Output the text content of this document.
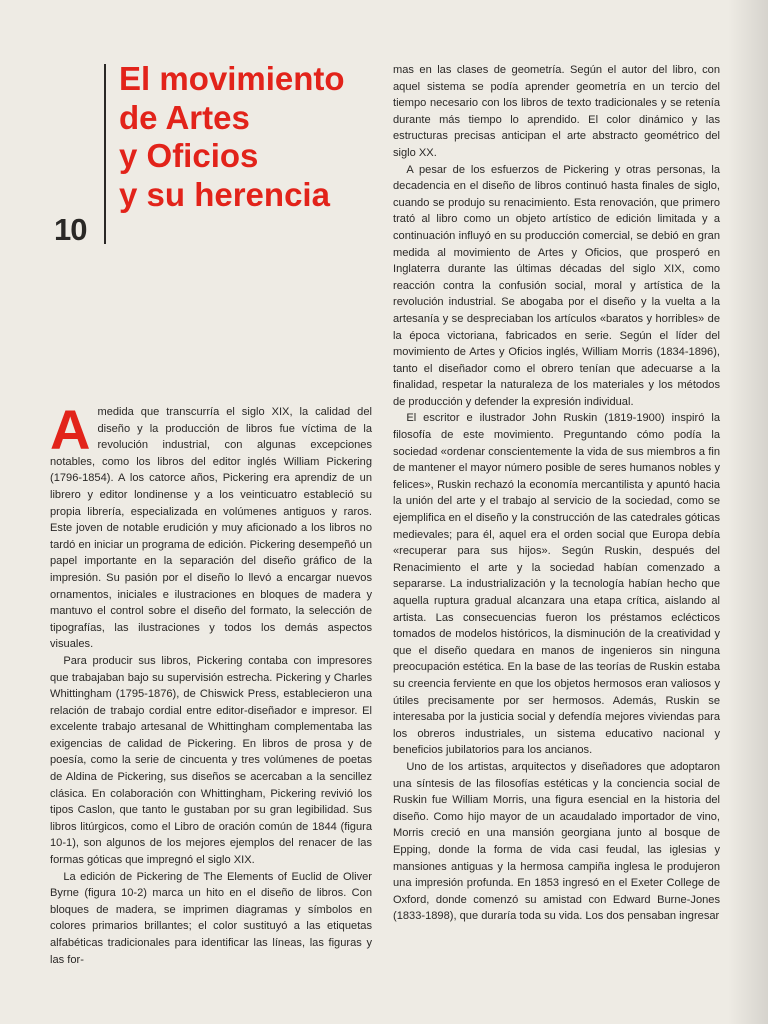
El movimiento
de Artes
y Oficios
y su herencia
10

Amedida que transcurría el siglo XIX, la calidad del diseño y la producción de libros fue víctima de la revolución industrial, con algunas excepciones notables, como los libros del editor inglés William Pickering (1796-1854). A los catorce años, Pickering era aprendiz de un librero y editor londinense y a los veinticuatro estableció su propia librería, especializada en volúmenes antiguos y raros. Este joven de notable erudición y muy aficionado a los libros no tardó en iniciar un programa de edición. Pickering desempeñó un papel importante en la separación del diseño gráfico de la impresión. Su pasión por el diseño lo llevó a encargar nuevos ornamentos, iniciales e ilustraciones en bloques de madera y mantuvo el control sobre el diseño del formato, la selección de tipografías, las ilustraciones y todos los demás aspectos visuales.

Para producir sus libros, Pickering contaba con impresores que trabajaban bajo su supervisión estrecha. Pickering y Charles Whittingham (1795-1876), de Chiswick Press, establecieron una relación de trabajo cordial entre editor-diseñador e impresor. El excelente trabajo artesanal de Whittingham complementaba las exigencias de calidad de Pickering. En libros de prosa y de poesía, como la serie de cincuenta y tres volúmenes de poetas de Aldina de Pickering, sus diseños se acercaban a la sencillez clásica. En colaboración con Whittingham, Pickering revivió los tipos Caslon, que tanto le gustaban por su gran legibilidad. Sus libros litúrgicos, como el Libro de oración común de 1844 (figura 10-1), son algunos de los mejores ejemplos del renacer de las formas góticas que impregnó el siglo XIX.

La edición de Pickering de The Elements of Euclid de Oliver Byrne (figura 10-2) marca un hito en el diseño de libros. Con bloques de madera, se imprimen diagramas y símbolos en colores primarios brillantes; el color sustituyó a las etiquetas alfabéticas tradicionales para identificar las líneas, las figuras y las for-

mas en las clases de geometría. Según el autor del libro, con aquel sistema se podía aprender geometría en un tercio del tiempo necesario con los libros de texto tradicionales y se retenía durante más tiempo lo aprendido. El color dinámico y las estructuras precisas anticipan el arte abstracto geométrico del siglo XX.

A pesar de los esfuerzos de Pickering y otras personas, la decadencia en el diseño de libros continuó hasta finales de siglo, cuando se produjo su renacimiento. Esta renovación, que primero trató al libro como un objeto artístico de edición limitada y a continuación influyó en su producción comercial, se debió en gran medida al movimiento de Artes y Oficios, que prosperó en Inglaterra durante las últimas décadas del siglo XIX, como reacción contra la confusión social, moral y artística de la revolución industrial. Se abogaba por el diseño y la vuelta a la artesanía y se despreciaban los artículos «baratos y horribles» de la época victoriana, fabricados en serie. Según el líder del movimiento de Artes y Oficios inglés, William Morris (1834-1896), tanto el diseñador como el obrero tenían que adecuarse a la finalidad, respetar la naturaleza de los materiales y los métodos de producción y defender la expresión individual.

El escritor e ilustrador John Ruskin (1819-1900) inspiró la filosofía de este movimiento. Preguntando cómo podía la sociedad «ordenar conscientemente la vida de sus miembros a fin de mantener el mayor número posible de seres humanos nobles y felices», Ruskin rechazó la economía mercantilista y apuntó hacia la unión del arte y el trabajo al servicio de la sociedad, como se ejemplifica en el diseño y la construcción de las catedrales góticas medievales; para él, aquel era el orden social que Europa debía «recuperar para sus hijos». Según Ruskin, después del Renacimiento el arte y la sociedad habían comenzado a separarse. La industrialización y la tecnología habían hecho que aquella ruptura gradual alcanzara una etapa crítica, aislando al artista. Las consecuencias fueron los préstamos eclécticos tomados de modelos históricos, la disminución de la creatividad y que el diseño quedara en manos de ingenieros sin ninguna preocupación estética. En la base de las teorías de Ruskin estaba su creencia ferviente en que los objetos hermosos eran valiosos y útiles precisamente por ser hermosos. Además, Ruskin se interesaba por la justicia social y defendía mejores viviendas para los obreros industriales, un sistema educativo nacional y beneficios jubilatorios para los ancianos.

Uno de los artistas, arquitectos y diseñadores que adoptaron una síntesis de las filosofías estéticas y la conciencia social de Ruskin fue William Morris, una figura esencial en la historia del diseño. Como hijo mayor de un acaudalado importador de vino, Morris creció en una mansión georgiana junto al bosque de Epping, donde la forma de vida casi feudal, las iglesias y mansiones antiguas y la hermosa campiña inglesa le produjeron una impresión profunda. En 1853 ingresó en el Exeter College de Oxford, donde comenzó su amistad con Edward Burne-Jones (1833-1898), que duraría toda su vida. Los dos pensaban ingresar
